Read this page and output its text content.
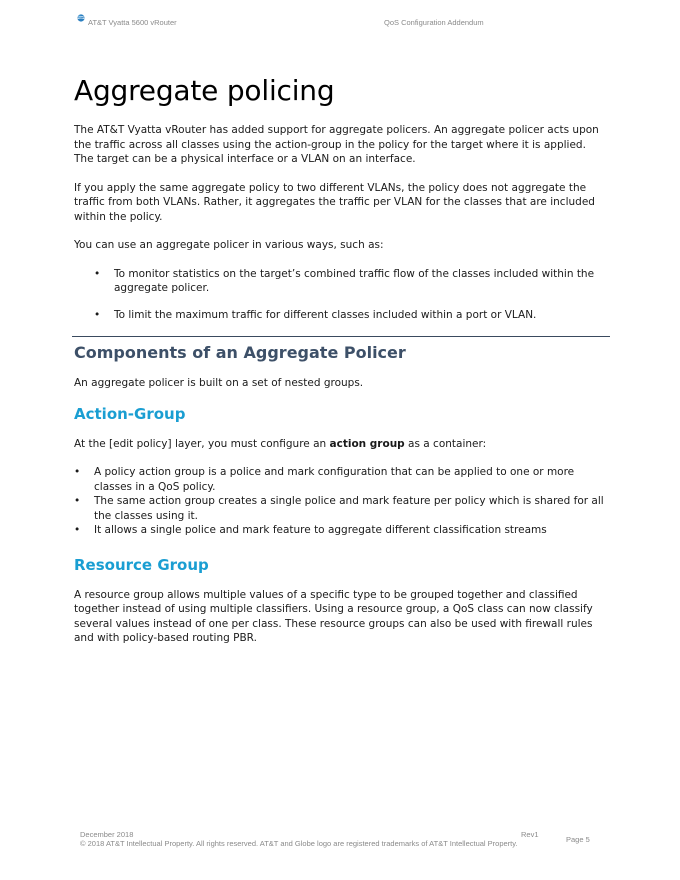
AT&T Vyatta 5600 vRouter	QoS Configuration Addendum
Aggregate policing

The AT&T Vyatta vRouter has added support for aggregate policers. An aggregate policer acts upon the traffic across all classes using the action-group in the policy for the target where it is applied. The target can be a physical interface or a VLAN on an interface.

If you apply the same aggregate policy to two different VLANs, the policy does not aggregate the traffic from both VLANs. Rather, it aggregates the traffic per VLAN for the classes that are included within the policy.

You can use an aggregate policer in various ways, such as:

• To monitor statistics on the target’s combined traffic flow of the classes included within the aggregate policer.
• To limit the maximum traffic for different classes included within a port or VLAN.
Components of an Aggregate Policer

An aggregate policer is built on a set of nested groups.

Action-Group

At the [edit policy] layer, you must configure an action group as a container:

• A policy action group is a police and mark configuration that can be applied to one or more classes in a QoS policy.
• The same action group creates a single police and mark feature per policy which is shared for all the classes using it.
• It allows a single police and mark feature to aggregate different classification streams
Resource Group

A resource group allows multiple values of a specific type to be grouped together and classified together instead of using multiple classifiers. Using a resource group, a QoS class can now classify several values instead of one per class. These resource groups can also be used with firewall rules and with policy-based routing PBR.

December 2018	Rev1
© 2018 AT&T Intellectual Property. All rights reserved. AT&T and Globe logo are registered trademarks of AT&T Intellectual Property.	Page 5
